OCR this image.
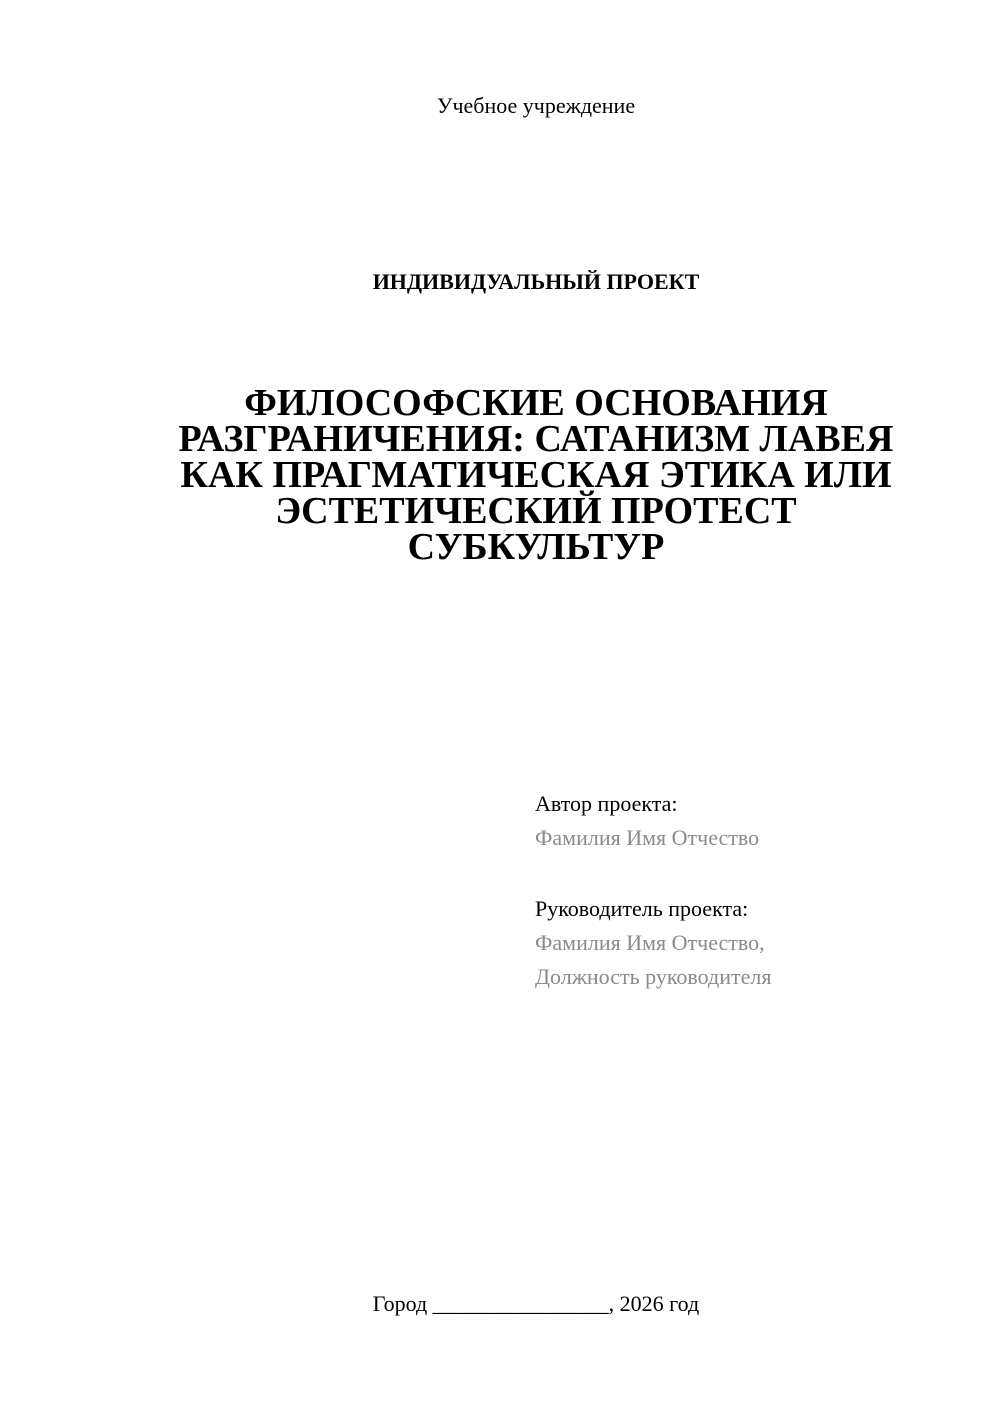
Учебное учреждение
ИНДИВИДУАЛЬНЫЙ ПРОЕКТ
ФИЛОСОФСКИЕ ОСНОВАНИЯ
РАЗГРАНИЧЕНИЯ: САТАНИЗМ ЛАВЕЯ
КАК ПРАГМАТИЧЕСКАЯ ЭТИКА ИЛИ
ЭСТЕТИЧЕСКИЙ ПРОТЕСТ
СУБКУЛЬТУР
Автор проекта:
Фамилия Имя Отчество
Руководитель проекта:
Фамилия Имя Отчество,
Должность руководителя
Город ________________, 2026 год
